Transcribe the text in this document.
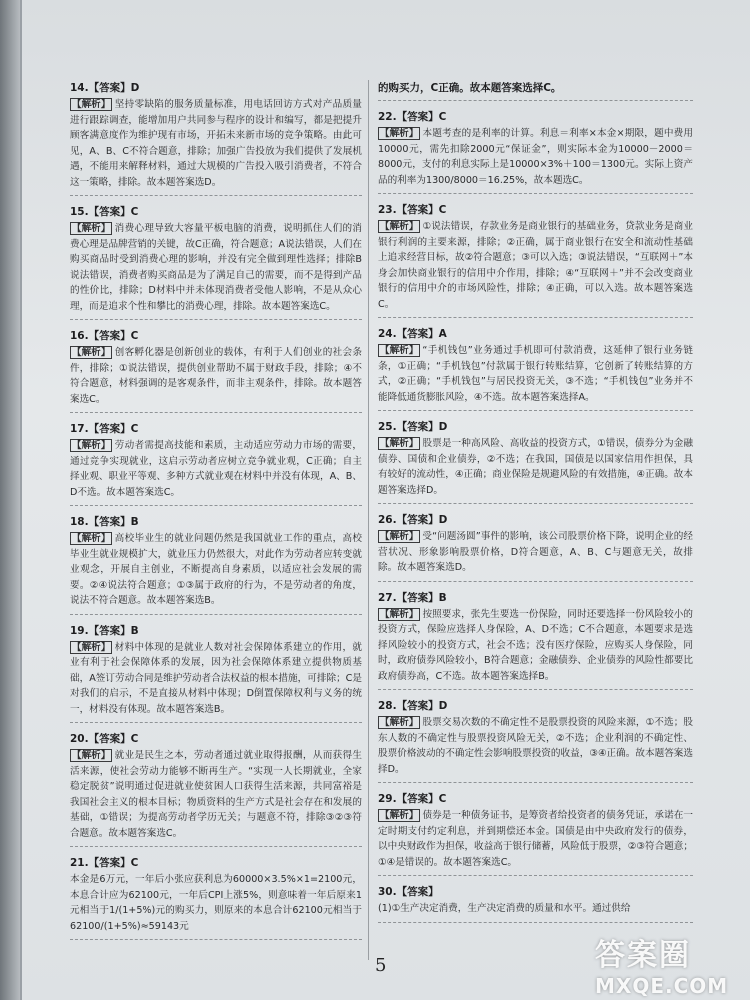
14.【答案】D
【解析】 坚持零缺陷的服务质量标准，用电话回访方式对产品质量进行跟踪调查，能增加用户共同参与程序的设计和编写，都是把提升顾客满意度作为维护现有市场，开拓未来新市场的竞争策略。由此可见，A、B、C不符合题意，排除；加强广告投放为我们提供了发展机遇，不能用来解释材料，通过大规模的广告投入吸引消费者，不符合这一策略，排除。故本题答案选D。
15.【答案】C
【解析】 消费心理导致大容量平板电脑的消费，说明抓住人们的消费心理是品牌营销的关键，故C正确，符合题意；A说法错误，人们在购买商品时受到消费心理的影响，并没有完全做到理性选择；排除B说法错误，消费者购买商品是为了满足自己的需要，而不是得到产品的性价比，排除；D材料中并未体现消费者受他人影响，不是从众心理，而是追求个性和攀比的消费心理，排除。故本题答案选C。
16.【答案】C
【解析】 创客孵化器是创新创业的载体，有利于人们创业的社会条件，排除；①说法错误，提供创业帮助不属于财政手段，排除；④不符合题意，材料强调的是客观条件，而非主观条件，排除。故本题答案选C。
17.【答案】C
【解析】 劳动者需提高技能和素质，主动适应劳动力市场的需要，通过竞争实现就业，这启示劳动者应树立竞争就业观，C正确；自主择业观、职业平等观、多种方式就业观在材料中并没有体现，A、B、D不选。故本题答案选C。
18.【答案】B
【解析】 高校毕业生的就业问题仍然是我国就业工作的重点，高校毕业生就业规模扩大，就业压力仍然很大，对此作为劳动者应转变就业观念，开展自主创业，不断提高自身素质，以适应社会发展的需要。②④说法符合题意；①③属于政府的行为，不是劳动者的角度，说法不符合题意。故本题答案选B。
19.【答案】B
【解析】 材料中体现的是就业人数对社会保障体系建立的作用，就业有利于社会保障体系的发展，因为社会保障体系建立提供物质基础，A签订劳动合同是维护劳动者合法权益的根本措施，可排除；C是对我们的启示，不是直接从材料中体现；D倒置保障权利与义务的统一，材料没有体现。故本题答案选B。
20.【答案】C
【解析】 就业是民生之本，劳动者通过就业取得报酬，从而获得生活来源，使社会劳动力能够不断再生产。“实现一人长期就业，全家稳定脱贫”说明通过促进就业使贫困人口获得生活来源，共同富裕是我国社会主义的根本目标；物质资料的生产方式是社会存在和发展的基础，①错误；为提高劳动者学历无关；与题意不符，排除③②③符合题意。故本题答案选C。
21.【答案】C
本金是6万元，一年后小张应获利息为60000×3.5%×1=2100元，本息合计应为62100元，一年后CPI上涨5%，则意味着一年后原来1元相当于1/(1+5%)元的购买力，则原来的本息合计62100元相当于62100/(1+5%)≈59143元
的购买力，C正确。故本题答案选择C。
22.【答案】C
【解析】 本题考查的是利率的计算。利息＝利率×本金×期限，题中费用10000元，需先扣除2000元“保证金”，则实际本金为10000－2000＝8000元，支付的利息实际上是10000×3%＋100＝1300元。实际上资产品的利率为1300/8000＝16.25%，故本题选C。
23.【答案】C
【解析】 ①说法错误，存款业务是商业银行的基础业务，贷款业务是商业银行利润的主要来源，排除；②正确，属于商业银行在安全和流动性基础上追求经营目标，故②符合题意；③可以入选；③说法错误，“互联网＋”本身会加快商业银行的信用中介作用，排除；④“互联网＋”并不会改变商业银行的信用中介的市场风险性，排除；④正确，可以入选。故本题答案选C。
24.【答案】A
【解析】 “手机钱包”业务通过手机即可付款消费，这延伸了银行业务链条，①正确；“手机钱包”付款属于银行转账结算，它创新了转账结算的方式，②正确；“手机钱包”与居民投资无关，③不选；“手机钱包”业务并不能降低通货膨胀风险，④不选。故本题答案选择A。
25.【答案】D
【解析】 股票是一种高风险、高收益的投资方式，①错误，债券分为金融债券、国债和企业债券，②不选；在我国，国债是以国家信用作担保，具有较好的流动性，④正确；商业保险是规避风险的有效措施，④正确。故本题答案选择D。
26.【答案】D
【解析】 受“问题汤圆”事件的影响，该公司股票价格下降，说明企业的经营状况、形象影响股票价格，D符合题意，A、B、C与题意无关，故排除。故本题答案选D。
27.【答案】B
【解析】 按照要求，张先生要选一份保险，同时还要选择一份风险较小的投资方式，保险应选择人身保险，A、D不选；C不合题意，本题要求是选择风险较小的投资方式，社会不选；没有医疗保险，应购买人身保险，同时，政府债券风险较小，B符合题意；金融债券、企业债券的风险性都要比政府债券高，C不选。故本题答案选择B。
28.【答案】D
【解析】 股票交易次数的不确定性不是股票投资的风险来源，①不选；股东人数的不确定性与股票投资风险无关，②不选；企业利润的不确定性、股票价格波动的不确定性会影响股票投资的收益，③④正确。故本题答案选择D。
29.【答案】C
【解析】 债券是一种债务证书，是筹资者给投资者的债务凭证，承诺在一定时期支付约定利息，并到期偿还本金。国债是由中央政府发行的债券，以中央财政作为担保，收益高于银行储蓄，风险低于股票，②③符合题意；①④是错误的。故本题答案选C。
30.【答案】
(1)①生产决定消费，生产决定消费的质量和水平。通过供给
5	答案圈
MXQE.COM
